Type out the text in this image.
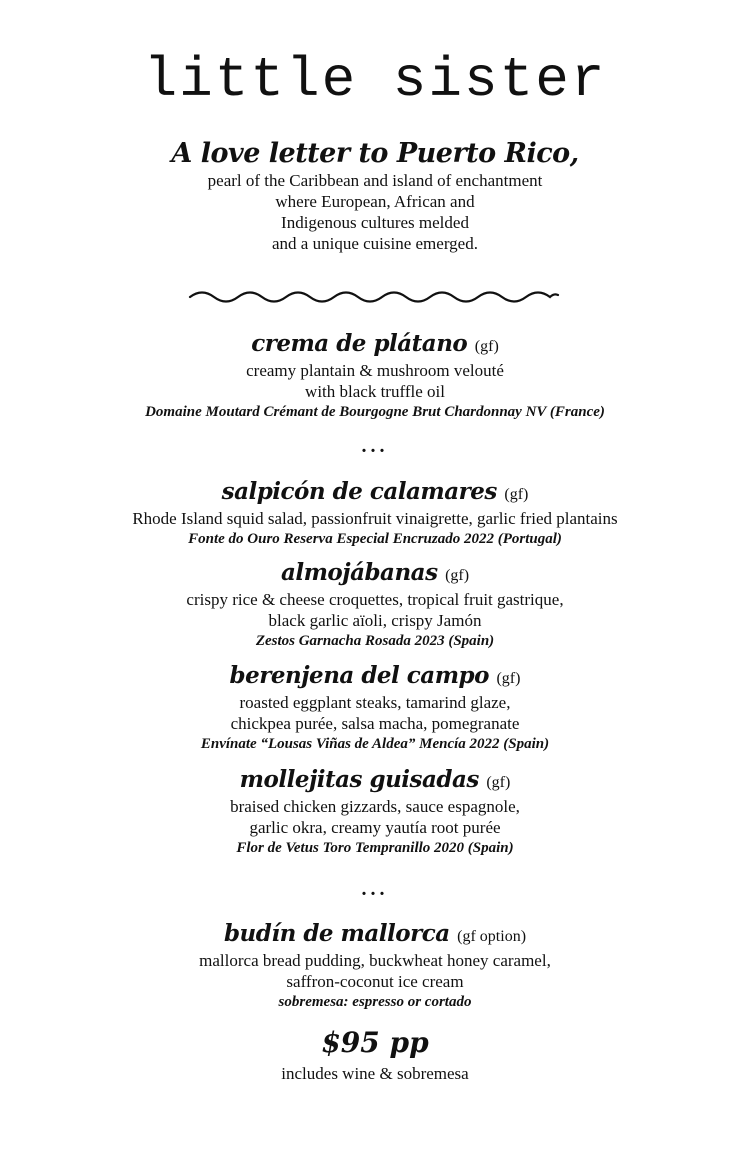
little sister
A love letter to Puerto Rico,
pearl of the Caribbean and island of enchantment
where European, African and
Indigenous cultures melded
and a unique cuisine emerged.
crema de plátano (gf)
creamy plantain & mushroom velouté
with black truffle oil
Domaine Moutard Crémant de Bourgogne Brut Chardonnay NV (France)
...
salpicón de calamares (gf)
Rhode Island squid salad, passionfruit vinaigrette, garlic fried plantains
Fonte do Ouro Reserva Especial Encruzado 2022 (Portugal)
almojábanas (gf)
crispy rice & cheese croquettes, tropical fruit gastrique,
black garlic aïoli, crispy Jamón
Zestos Garnacha Rosada 2023 (Spain)
berenjena del campo (gf)
roasted eggplant steaks, tamarind glaze,
chickpea purée, salsa macha, pomegranate
Envínate “Lousas Viñas de Aldea” Mencía 2022 (Spain)
mollejitas guisadas (gf)
braised chicken gizzards, sauce espagnole,
garlic okra, creamy yautía root purée
Flor de Vetus Toro Tempranillo 2020 (Spain)
...
budín de mallorca (gf option)
mallorca bread pudding, buckwheat honey caramel,
saffron-coconut ice cream
sobremesa: espresso or cortado
$95 pp
includes wine & sobremesa
